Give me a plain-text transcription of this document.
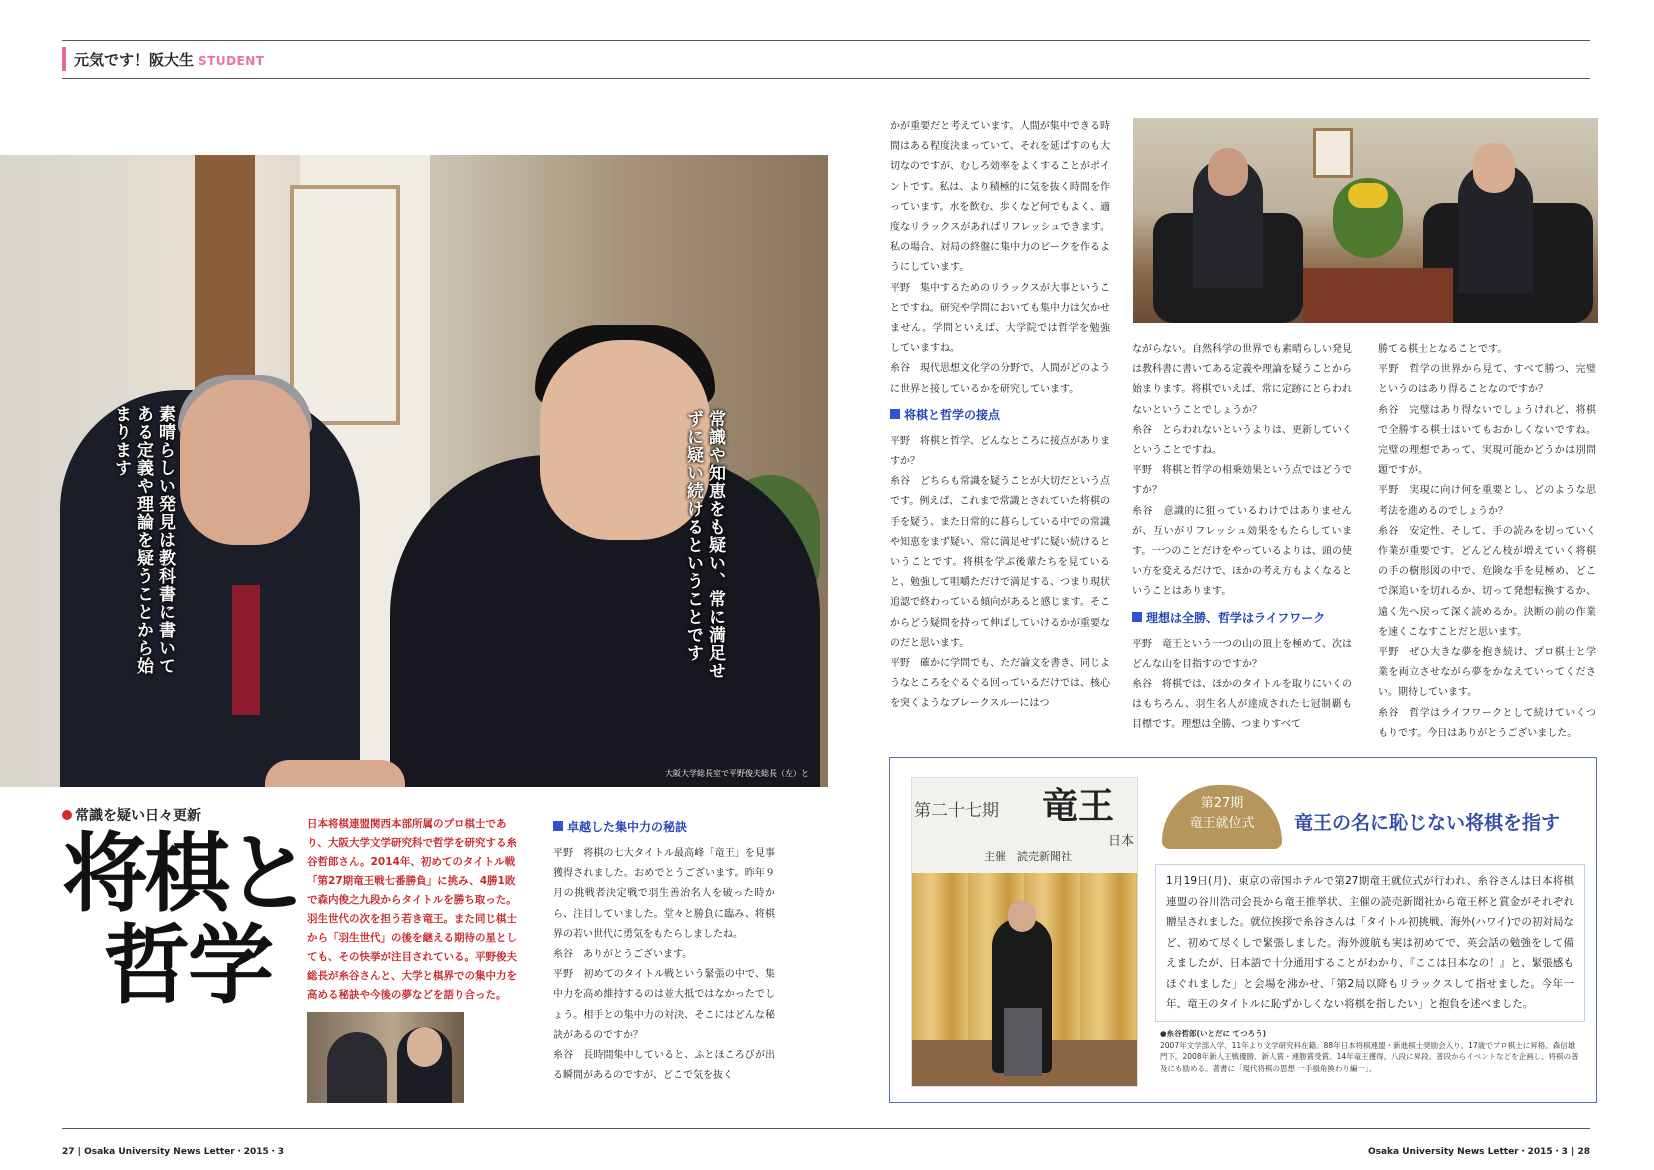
元気です！阪大生 STUDENT
素晴らしい発見は教科書に書いてある定義や理論を疑うことから始まります	常識や知恵をも疑い、常に満足せずに疑い続けるということです
大阪大学総長室で平野俊夫総長（左）と
常識を疑い日々更新
将棋と
哲学
日本将棋連盟関西本部所属のプロ棋士であり、大阪大学文学研究科で哲学を研究する糸谷哲郎さん。2014年、初めてのタイトル戦「第27期竜王戦七番勝負」に挑み、4勝1敗で森内俊之九段からタイトルを勝ち取った。羽生世代の次を担う若き竜王。また同じ棋士から「羽生世代」の後を継える期待の星としても、その快挙が注目されている。平野俊夫総長が糸谷さんと、大学と棋界での集中力を高める秘訣や今後の夢などを語り合った。

卓越した集中力の秘訣

平野　将棋の七大タイトル最高峰「竜王」を見事獲得されました。おめでとうございます。昨年９月の挑戦者決定戦で羽生善治名人を破った時から、注目していました。堂々と勝負に臨み、将棋界の若い世代に勇気をもたらしましたね。

糸谷　ありがとうございます。

平野　初めてのタイトル戦という緊張の中で、集中力を高め維持するのは並大抵ではなかったでしょう。相手との集中力の対決、そこにはどんな秘訣があるのですか？

糸谷　長時間集中していると、ふとほころびが出る瞬間があるのですが、どこで気を抜く

かが重要だと考えています。人間が集中できる時間はある程度決まっていて、それを延ばすのも大切なのですが、むしろ効率をよくすることがポイントです。私は、より積極的に気を抜く時間を作っています。水を飲む、歩くなど何でもよく、適度なリラックスがあればリフレッシュできます。私の場合、対局の終盤に集中力のピークを作るようにしています。

平野　集中するためのリラックスが大事ということですね。研究や学問においても集中力は欠かせません。学問といえば、大学院では哲学を勉強していますね。

糸谷　現代思想文化学の分野で、人間がどのように世界と接しているかを研究しています。

将棋と哲学の接点

平野　将棋と哲学、どんなところに接点がありますか？

糸谷　どちらも常識を疑うことが大切だという点です。例えば、これまで常識とされていた将棋の手を疑う、また日常的に暮らしている中での常識や知恵をまず疑い、常に満足せずに疑い続けるということです。将棋を学ぶ後輩たちを見ていると、勉強して咀嚼ただけで満足する、つまり現状追認で終わっている傾向があると感じます。そこからどう疑問を持って伸ばしていけるかが重要なのだと思います。

平野　確かに学問でも、ただ論文を書き、同じようなところをぐるぐる回っているだけでは、核心を突くようなブレークスルーにはつ

ながらない。自然科学の世界でも素晴らしい発見は教科書に書いてある定義や理論を疑うことから始まります。将棋でいえば、常に定跡にとらわれないということでしょうか？

糸谷　とらわれないというよりは、更新していくということですね。

平野　将棋と哲学の相乗効果という点ではどうですか？

糸谷　意識的に狙っているわけではありませんが、互いがリフレッシュ効果をもたらしています。一つのことだけをやっているよりは、頭の使い方を変えるだけで、ほかの考え方もよくなるということはあります。

理想は全勝、哲学はライフワーク

平野　竜王という一つの山の頂上を極めて、次はどんな山を目指すのですか？

糸谷　将棋では、ほかのタイトルを取りにいくのはもちろん、羽生名人が達成された七冠制覇も目標です。理想は全勝、つまりすべて

勝てる棋士となることです。

平野　哲学の世界から見て、すべて勝つ、完璧というのはあり得ることなのですか？

糸谷　完璧はあり得ないでしょうけれど、将棋で全勝する棋士はいてもおかしくないですね。完璧の理想であって、実現可能かどうかは別問題ですが。

平野　実現に向け何を重要とし、どのような思考法を進めるのでしょうか？

糸谷　安定性、そして、手の読みを切っていく作業が重要です。どんどん枝が増えていく将棋の手の樹形図の中で、危険な手を見極め、どこで深追いを切れるか、切って発想転換するか、遠く先へ戻って深く読めるか。決断の前の作業を速くこなすことだと思います。

平野　ぜひ大きな夢を抱き続け、プロ棋士と学業を両立させながら夢をかなえていってください。期待しています。

糸谷　哲学はライフワークとして続けていくつもりです。今日はありがとうございました。

第二十七期 竜王
主催　読売新聞社
日本
第27期
竜王就位式	竜王の名に恥じない将棋を指す
1月19日(月)、東京の帝国ホテルで第27期竜王就位式が行われ、糸谷さんは日本将棋連盟の谷川浩司会長から竜王推挙状、主催の読売新聞社から竜王杯と賞金がそれぞれ贈呈されました。就位挨拶で糸谷さんは「タイトル初挑戦、海外(ハワイ)での初対局など、初めて尽くしで緊張しました。海外渡航も実は初めてで、英会話の勉強をして備えましたが、日本語で十分通用することがわかり、『ここは日本なの！』と、緊張感もほぐれました」と会場を沸かせ、「第2局以降もリラックスして指せました。今年一年、竜王のタイトルに恥ずかしくない将棋を指したい」と抱負を述べました。
●糸谷哲郎(いとだに てつろう)
2007年文学部入学、11年より文学研究科在籍。88年日本将棋連盟・新進棋士奨励会入り。17歳でプロ棋士に昇格。森信雄門下。2008年新人王戦優勝、新人賞・連勝賞受賞。14年竜王獲得。八段に昇段。普段からイベントなどを企画し、将棋の普及にも励める。著書に「現代将棋の思想 一手損角換わり編一」。
27 | Osaka University News Letter・2015・3	Osaka University News Letter・2015・3 | 28
